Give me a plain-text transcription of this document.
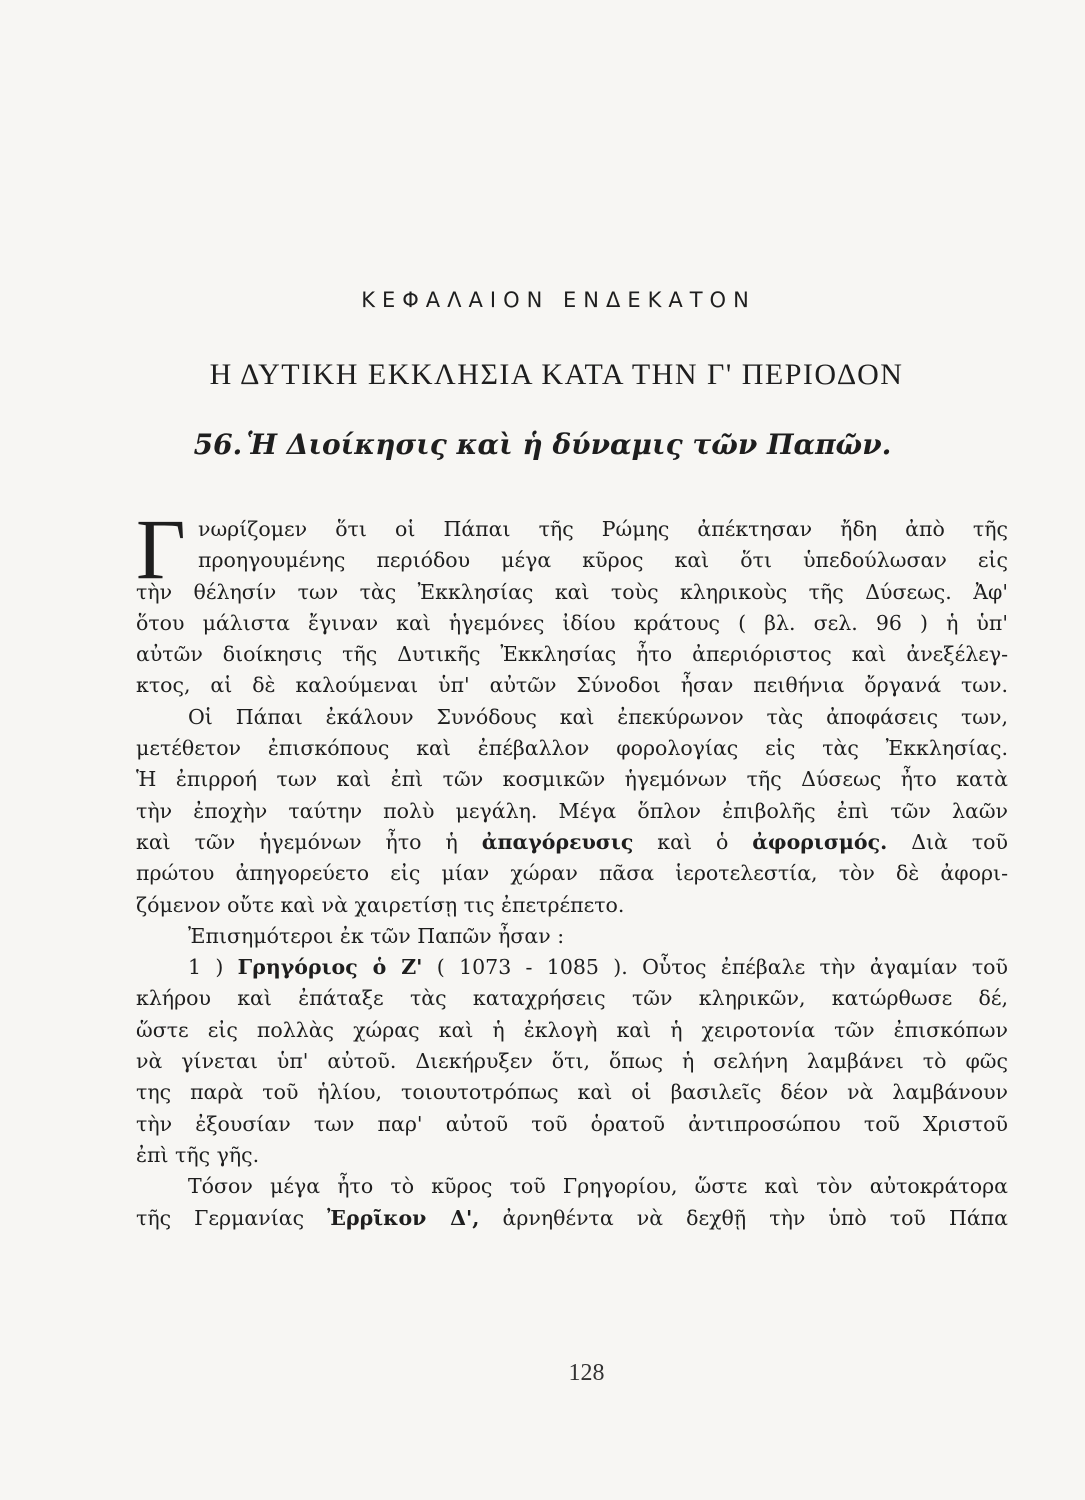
ΚΕΦΑΛΑΙΟΝ ΕΝΔΕΚΑΤΟΝ
Η ΔΥΤΙΚΗ ΕΚΚΛΗΣΙΑ ΚΑΤΑ ΤΗΝ Γ' ΠΕΡΙΟΔΟΝ
56. Ἡ Διοίκησις καὶ ἡ δύναμις τῶν Παπῶν.
Γ νωρίζομεν ὅτι οἱ Πάπαι τῆς Ρώμης ἀπέκτησαν ἤδη ἀπὸ τῆς
προηγουμένης περιόδου μέγα κῦρος καὶ ὅτι ὑπεδούλωσαν εἰς
τὴν θέλησίν των τὰς Ἐκκλησίας καὶ τοὺς κληρικοὺς τῆς Δύσεως. Ἀφ'
ὅτου μάλιστα ἔγιναν καὶ ἡγεμόνες ἰδίου κράτους ( βλ. σελ. 96 ) ἡ ὑπ'
αὐτῶν διοίκησις τῆς Δυτικῆς Ἐκκλησίας ἦτο ἀπεριόριστος καὶ ἀνεξέλεγ-
κτος, αἱ δὲ καλούμεναι ὑπ' αὐτῶν Σύνοδοι ἦσαν πειθήνια ὄργανά των.
Οἱ Πάπαι ἐκάλουν Συνόδους καὶ ἐπεκύρωνον τὰς ἀποφάσεις των,
μετέθετον ἐπισκόπους καὶ ἐπέβαλλον φορολογίας εἰς τὰς Ἐκκλησίας.
Ἡ ἐπιρροή των καὶ ἐπὶ τῶν κοσμικῶν ἡγεμόνων τῆς Δύσεως ἦτο κατὰ
τὴν ἐποχὴν ταύτην πολὺ μεγάλη. Μέγα ὅπλον ἐπιβολῆς ἐπὶ τῶν λαῶν
καὶ τῶν ἡγεμόνων ἦτο ἡ ἀπαγόρευσις καὶ ὁ ἀφορισμός. Διὰ τοῦ
πρώτου ἀπηγορεύετο εἰς μίαν χώραν πᾶσα ἱεροτελεστία, τὸν δὲ ἀφορι-
ζόμενον οὔτε καὶ νὰ χαιρετίσῃ τις ἐπετρέπετο.
Ἐπισημότεροι ἐκ τῶν Παπῶν ἦσαν :
1 ) Γρηγόριος ὁ Ζ' ( 1073 - 1085 ). Οὗτος ἐπέβαλε τὴν ἀγαμίαν τοῦ
κλήρου καὶ ἐπάταξε τὰς καταχρήσεις τῶν κληρικῶν, κατώρθωσε δέ,
ὥστε εἰς πολλὰς χώρας καὶ ἡ ἐκλογὴ καὶ ἡ χειροτονία τῶν ἐπισκόπων
νὰ γίνεται ὑπ' αὐτοῦ. Διεκήρυξεν ὅτι, ὅπως ἡ σελήνη λαμβάνει τὸ φῶς
της παρὰ τοῦ ἡλίου, τοιουτοτρόπως καὶ οἱ βασιλεῖς δέον νὰ λαμβάνουν
τὴν ἐξουσίαν των παρ' αὐτοῦ τοῦ ὁρατοῦ ἀντιπροσώπου τοῦ Χριστοῦ
ἐπὶ τῆς γῆς.
Τόσον μέγα ἦτο τὸ κῦρος τοῦ Γρηγορίου, ὥστε καὶ τὸν αὐτοκράτορα
τῆς Γερμανίας Ἐρρῖκον Δ', ἀρνηθέντα νὰ δεχθῇ τὴν ὑπὸ τοῦ Πάπα
128
